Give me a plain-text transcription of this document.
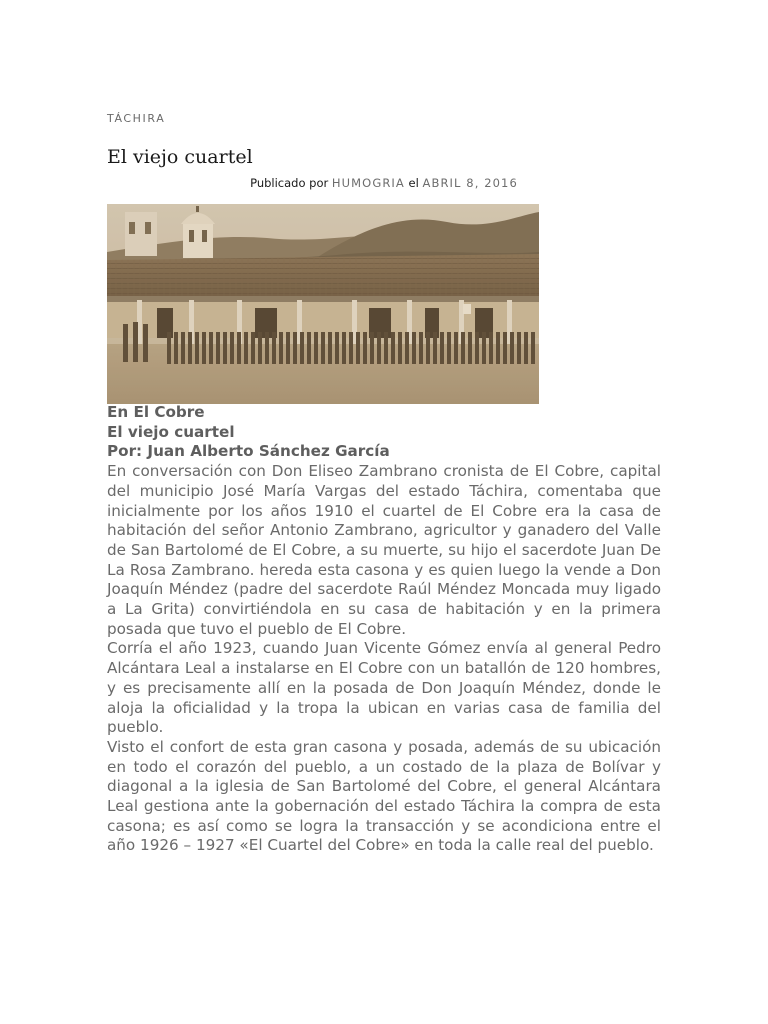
TÁCHIRA
El viejo cuartel
Publicado por HUMOGRIA el ABRIL 8, 2016
En El Cobre
El viejo cuartel
Por: Juan Alberto Sánchez García

En conversación con Don Eliseo Zambrano cronista de El Cobre, capital del municipio José María Vargas del estado Táchira, comentaba que inicialmente por los años 1910 el cuartel de El Cobre era la casa de habitación del señor Antonio Zambrano, agricultor y ganadero del Valle de San Bartolomé de El Cobre, a su muerte, su hijo el sacerdote Juan De La Rosa Zambrano. hereda esta casona y es quien luego la vende a Don Joaquín Méndez (padre del sacerdote Raúl Méndez Moncada muy ligado a La Grita) convirtiéndola en su casa de habitación y en la primera posada que tuvo el pueblo de El Cobre.

Corría el año 1923, cuando Juan Vicente Gómez envía al general Pedro Alcántara Leal a instalarse en El Cobre con un batallón de 120 hombres, y es precisamente allí en la posada de Don Joaquín Méndez, donde le aloja la oficialidad y la tropa la ubican en varias casa de familia del pueblo.

Visto el confort de esta gran casona y posada, además de su ubicación en todo el corazón del pueblo, a un costado de la plaza de Bolívar y diagonal a la iglesia de San Bartolomé del Cobre, el general Alcántara Leal gestiona ante la gobernación del estado Táchira la compra de esta casona; es así como se logra la transacción y se acondiciona entre el año 1926 – 1927 «El Cuartel del Cobre» en toda la calle real del pueblo.
